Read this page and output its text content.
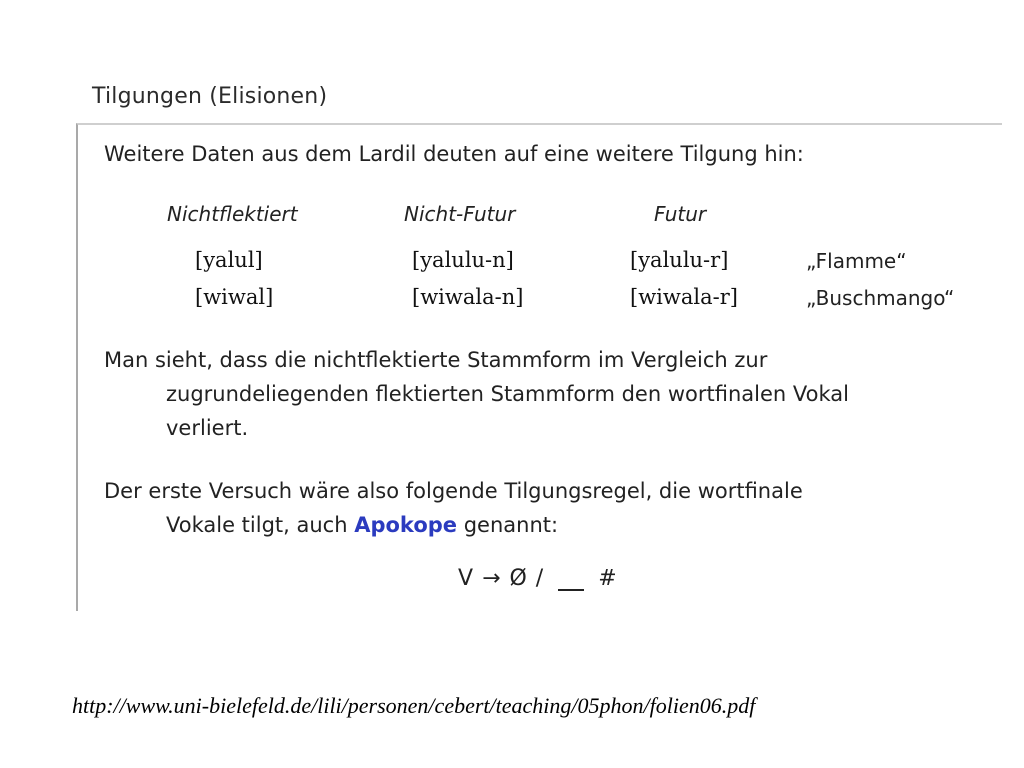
Tilgungen (Elisionen)
Weitere Daten aus dem Lardil deuten auf eine weitere Tilgung hin:
Nichtflektiert	Nicht-Futur	Futur
[yalul]	[yalulu-n]	[yalulu-r]	„Flamme“
[wiwal]	[wiwala-n]	[wiwala-r]	„Buschmango“
Man sieht, dass die nichtflektierte Stammform im Vergleich zur
zugrundeliegenden flektierten Stammform den wortfinalen Vokal
verliert.
Der erste Versuch wäre also folgende Tilgungsregel, die wortfinale
Vokale tilgt, auch Apokope genannt:
V → Ø / #
http://www.uni-bielefeld.de/lili/personen/cebert/teaching/05phon/folien06.pdf
